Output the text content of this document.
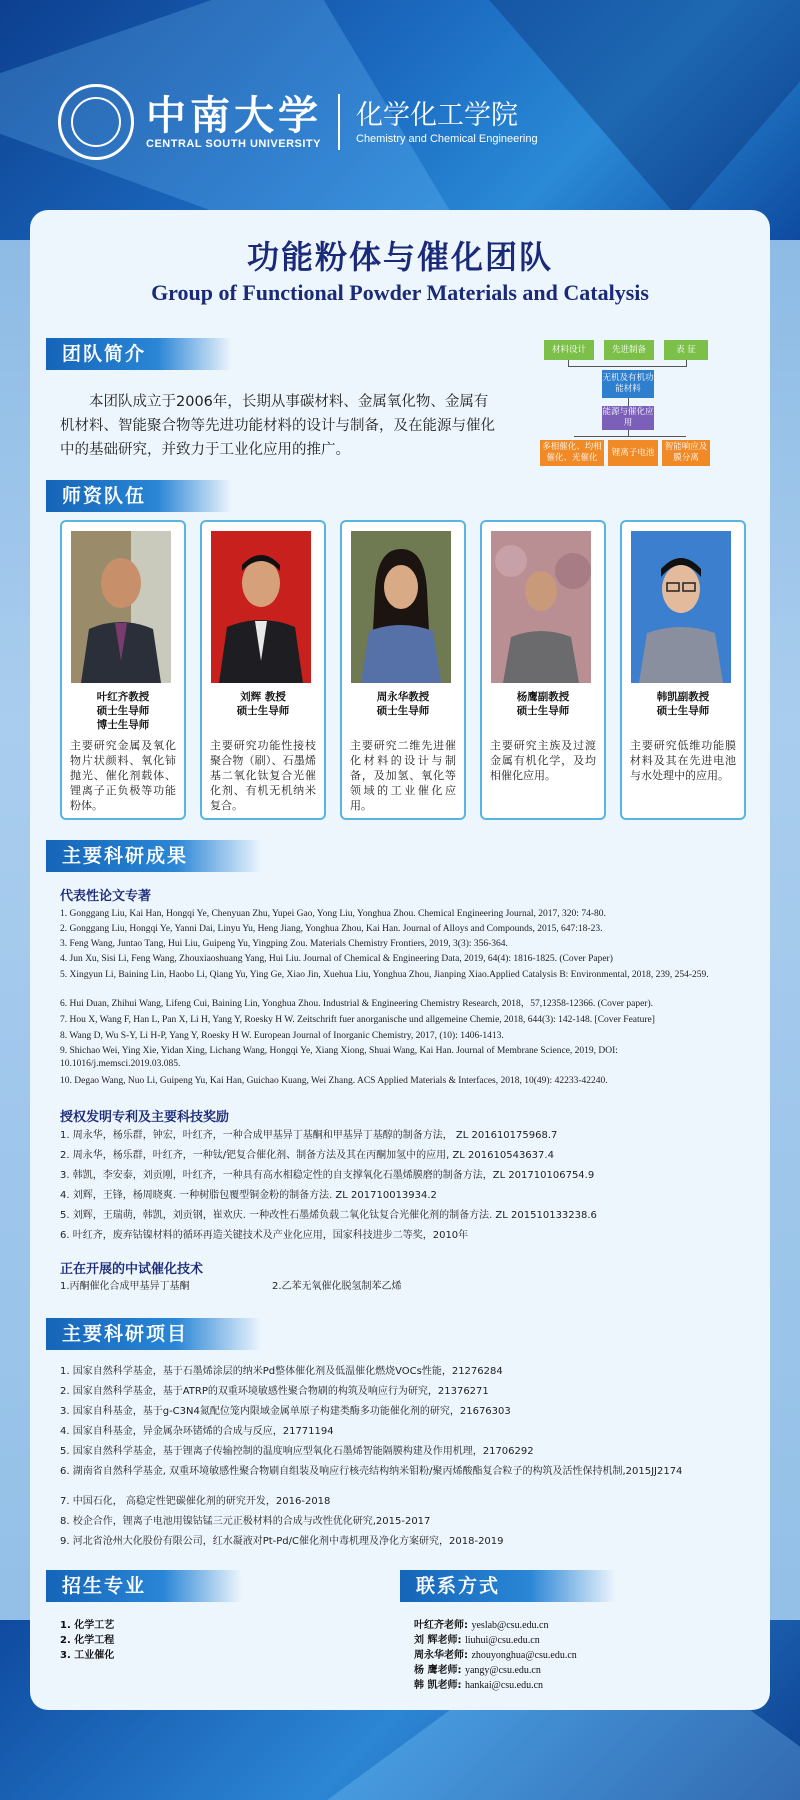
中南大学
CENTRAL SOUTH UNIVERSITY
化学化工学院
Chemistry and Chemical Engineering
功能粉体与催化团队
Group of Functional Powder Materials and Catalysis
团队简介
本团队成立于2006年，长期从事碳材料、金属氧化物、金属有机材料、智能聚合物等先进功能材料的设计与制备，及在能源与催化中的基础研究，并致力于工业化应用的推广。
材料设计	先进制备	表 征
无机及有机功能材料
能源与催化应用
多相催化、均相催化、光催化
锂离子电池
智能响应及膜分离
师资队伍
叶红齐教授
硕士生导师
博士生导师
主要研究金属及氧化物片状颜料、氧化铈抛光、催化剂载体、锂离子正负极等功能粉体。
刘辉 教授
硕士生导师
主要研究功能性接枝聚合物（刷）、石墨烯基二氧化钛复合光催化剂、有机无机纳米复合。
周永华教授
硕士生导师
主要研究二维先进催化材料的设计与制备，及加氢、氧化等领域的工业催化应用。
杨鹰副教授
硕士生导师
主要研究主族及过渡金属有机化学，及均相催化应用。
韩凯副教授
硕士生导师
主要研究低维功能膜材料及其在先进电池与水处理中的应用。
主要科研成果
代表性论文专著
1. Gonggang Liu, Kai Han, Hongqi Ye, Chenyuan Zhu, Yupei Gao, Yong Liu, Yonghua Zhou. Chemical Engineering Journal, 2017, 320: 74-80.
2. Gonggang Liu, Hongqi Ye, Yanni Dai, Linyu Yu, Heng Jiang, Yonghua Zhou, Kai Han. Journal of Alloys and Compounds, 2015, 647:18-23.
3. Feng Wang, Juntao Tang, Hui Liu, Guipeng Yu, Yingping Zou. Materials Chemistry Frontiers, 2019, 3(3): 356-364.
4. Jun Xu, Sisi Li, Feng Wang, Zhouxiaoshuang Yang, Hui Liu. Journal of Chemical & Engineering Data, 2019, 64(4): 1816-1825. (Cover Paper)
5. Xingyun Li, Baining Lin, Haobo Li, Qiang Yu, Ying Ge, Xiao Jin, Xuehua Liu, Yonghua Zhou, Jianping Xiao.Applied Catalysis B: Environmental, 2018, 239, 254-259.
6. Hui Duan, Zhihui Wang, Lifeng Cui, Baining Lin, Yonghua Zhou. Industrial & Engineering Chemistry Research, 2018，57,12358-12366. (Cover paper).
7. Hou X, Wang F, Han L, Pan X, Li H, Yang Y, Roesky H W. Zeitschrift fuer anorganische und allgemeine Chemie, 2018, 644(3): 142-148. [Cover Feature]
8. Wang D, Wu S-Y, Li H-P, Yang Y, Roesky H W. European Journal of Inorganic Chemistry, 2017, (10): 1406-1413.
9. Shichao Wei, Ying Xie, Yidan Xing, Lichang Wang, Hongqi Ye, Xiang Xiong, Shuai Wang, Kai Han. Journal of Membrane Science, 2019, DOI: 10.1016/j.memsci.2019.03.085.
10. Degao Wang, Nuo Li, Guipeng Yu, Kai Han, Guichao Kuang, Wei Zhang. ACS Applied Materials & Interfaces, 2018, 10(49): 42233-42240.
授权发明专利及主要科技奖励
1. 周永华，杨乐群，钟宏，叶红齐，一种合成甲基异丁基酮和甲基异丁基醇的制备方法， ZL 201610175968.7
2. 周永华，杨乐群，叶红齐，一种钛/钯复合催化剂、制备方法及其在丙酮加氢中的应用, ZL 201610543637.4
3. 韩凯，李安泰，刘贡刚，叶红齐，一种具有高水相稳定性的自支撑氧化石墨烯膜磨的制备方法，ZL 201710106754.9
4. 刘辉，王锋，杨周晓爽. 一种树脂包覆型铜金粉的制备方法. ZL 201710013934.2
5. 刘辉，王瑞萌，韩凯，刘贡钢，崔欢庆. 一种改性石墨烯负载二氧化钛复合光催化剂的制备方法. ZL 201510133238.6
6. 叶红齐，废弃钴镍材料的循环再造关键技术及产业化应用，国家科技进步二等奖，2010年
正在开展的中试催化技术
1.丙酮催化合成甲基异丁基酮	2.乙苯无氧催化脱氢制苯乙烯
主要科研项目
1. 国家自然科学基金，基于石墨烯涂层的纳米Pd整体催化剂及低温催化燃烧VOCs性能，21276284
2. 国家自然科学基金，基于ATRP的双重环境敏感性聚合物刷的构筑及响应行为研究，21376271
3. 国家自科基金，基于g-C3N4氮配位笼内限域金属单原子构建类酶多功能催化剂的研究，21676303
4. 国家自科基金，异金属杂环锗烯的合成与反应，21771194
5. 国家自然科学基金，基于锂离子传输控制的温度响应型氧化石墨烯智能隔膜构建及作用机理，21706292
6. 湖南省自然科学基金, 双重环境敏感性聚合物刷自组装及响应行核壳结构纳米钼粉/聚丙烯酸酯复合粒子的构筑及活性保持机制,2015JJ2174
7. 中国石化， 高稳定性钯碳催化剂的研究开发，2016-2018
8. 校企合作，锂离子电池用镍钴锰三元正极材料的合成与改性优化研究,2015-2017
9. 河北省沧州大化股份有限公司，红水凝液对Pt-Pd/C催化剂中毒机理及净化方案研究，2018-2019
招生专业
1. 化学工艺
2. 化学工程
3. 工业催化
联系方式
叶红齐老师: yeslab@csu.edu.cn
刘 辉老师: liuhui@csu.edu.cn
周永华老师: zhouyonghua@csu.edu.cn
杨 鹰老师: yangy@csu.edu.cn
韩 凯老师: hankai@csu.edu.cn
